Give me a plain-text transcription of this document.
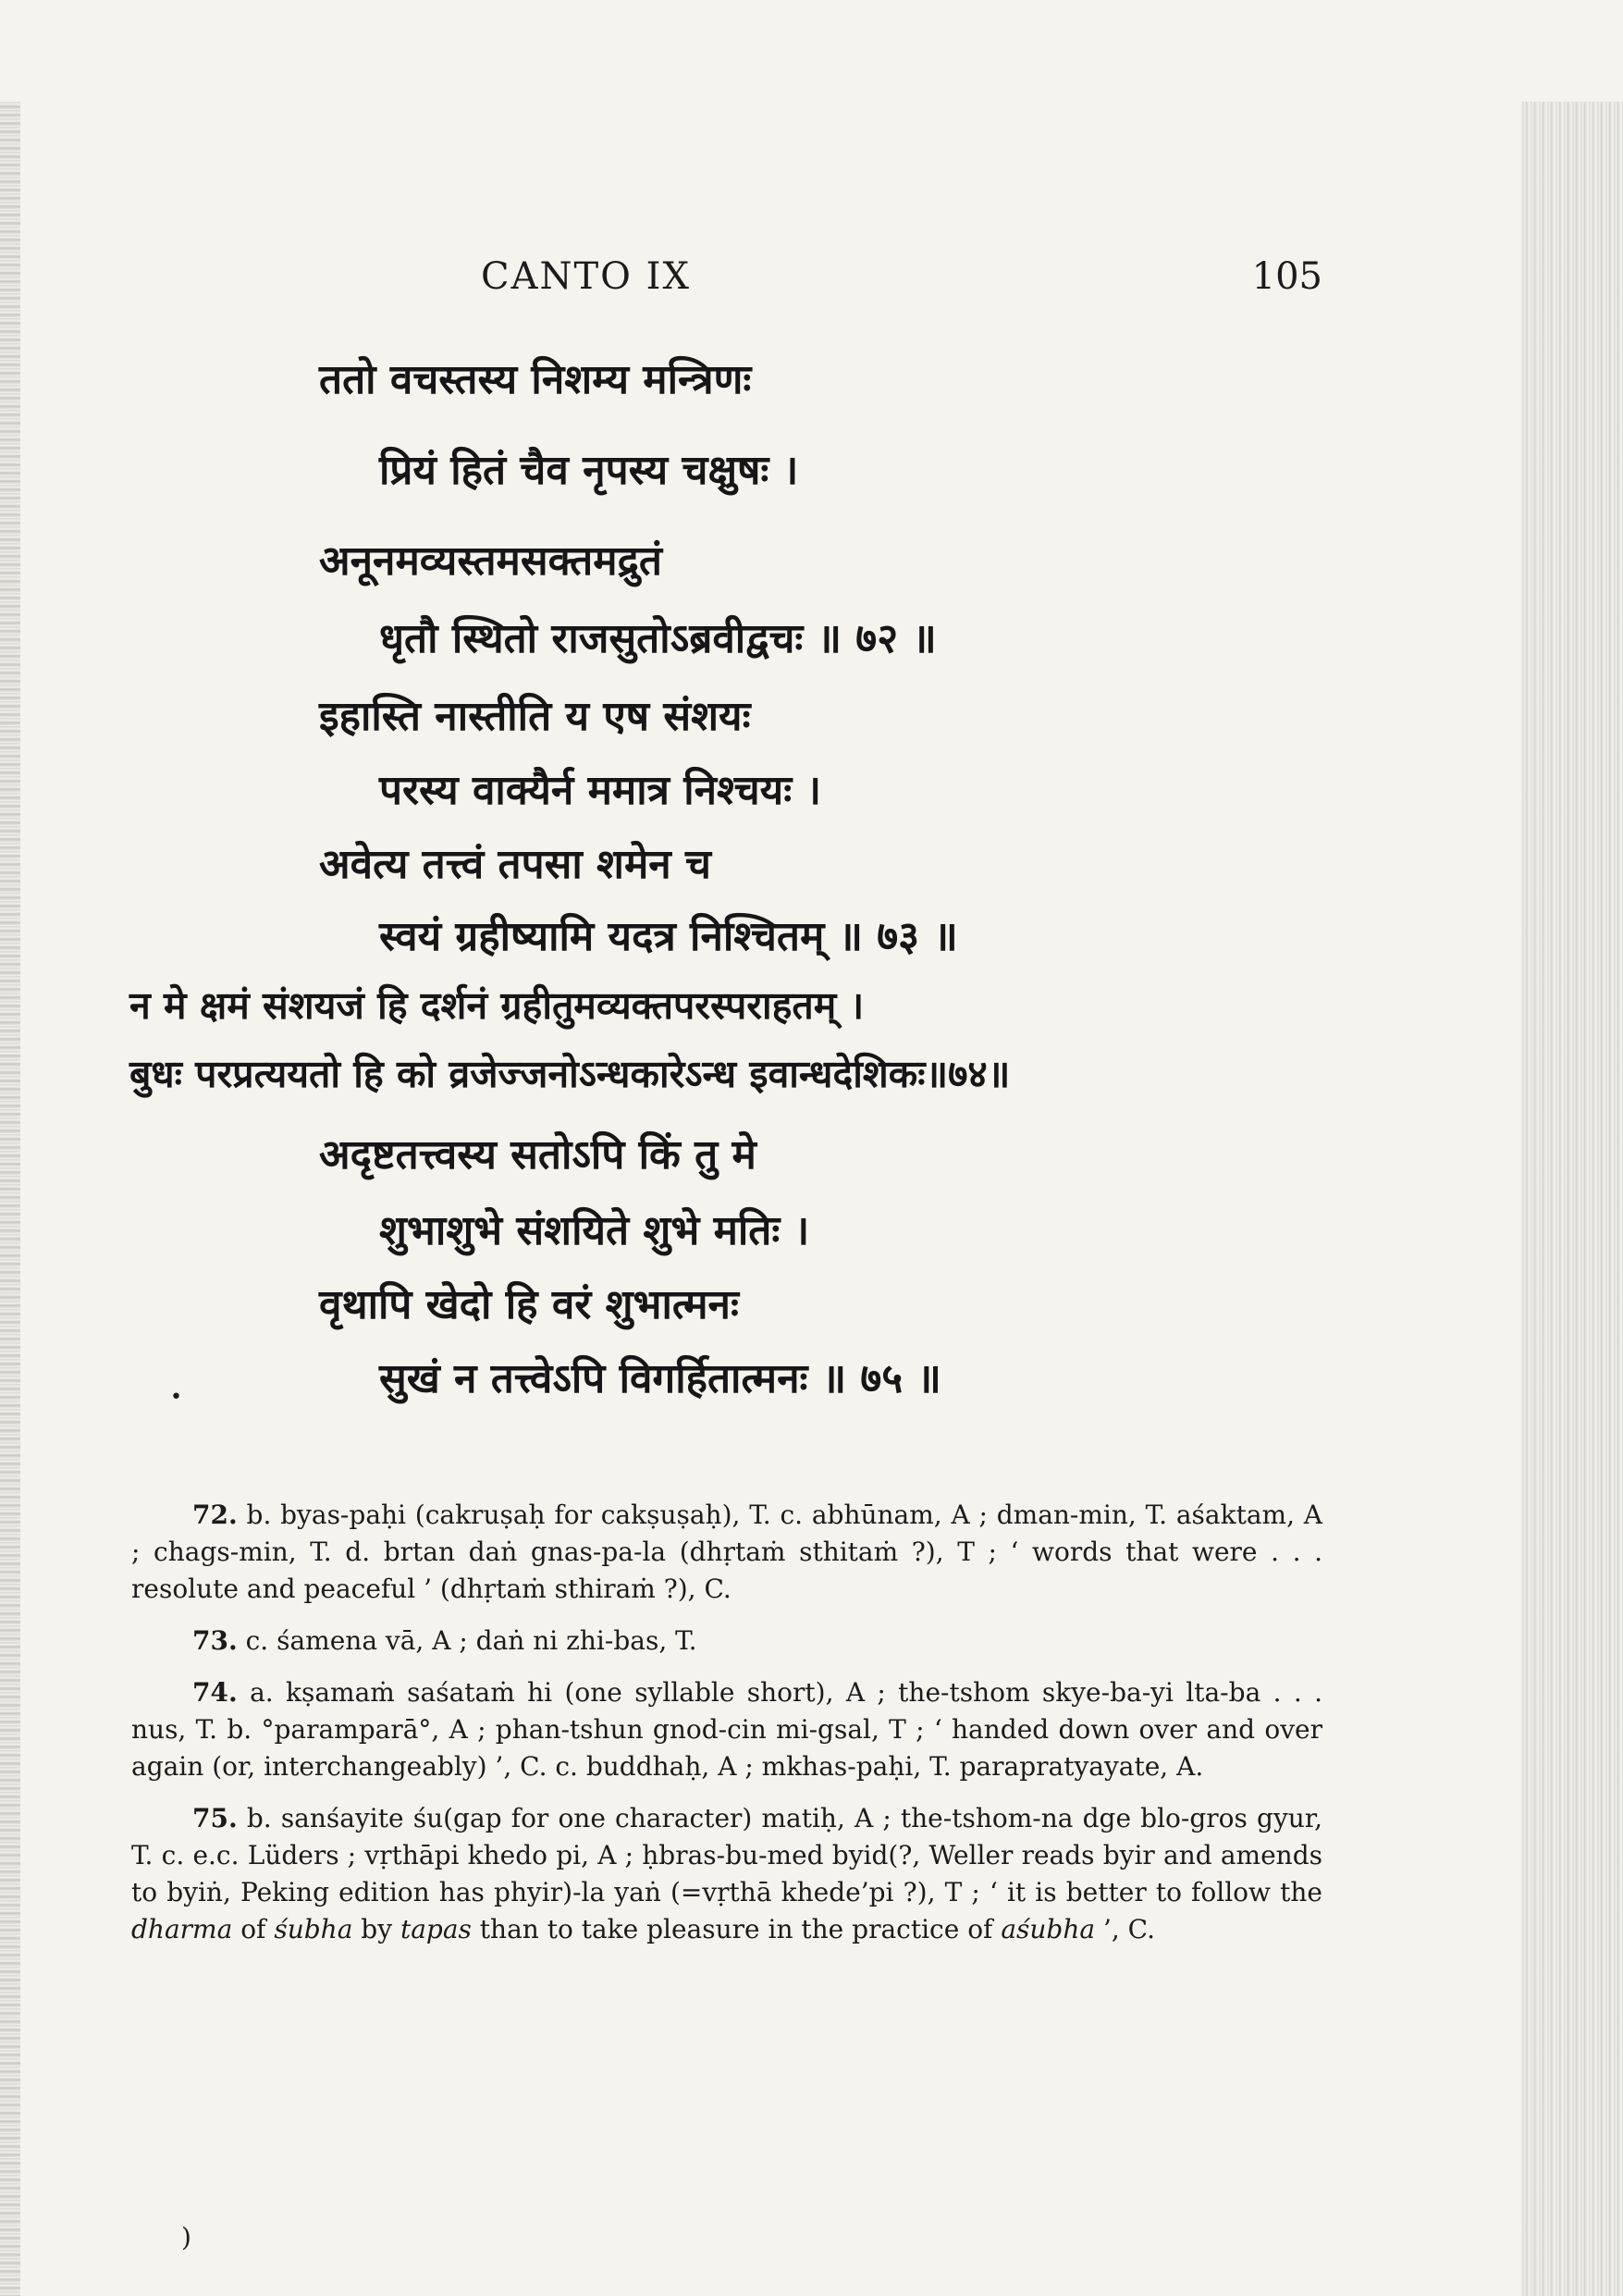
CANTO IX	105
ततो वचस्तस्य निशम्य मन्त्रिणः
प्रियं हितं चैव नृपस्य चक्षुषः ।
अनूनमव्यस्तमसक्तमद्रुतं
धृतौ स्थितो राजसुतोऽब्रवीद्वचः ॥ ७२ ॥
इहास्ति नास्तीति य एष संशयः
परस्य वाक्यैर्न ममात्र निश्चयः ।
अवेत्य तत्त्वं तपसा शमेन च
स्वयं ग्रहीष्यामि यदत्र निश्चितम् ॥ ७३ ॥
न मे क्षमं संशयजं हि दर्शनं ग्रहीतुमव्यक्तपरस्पराहतम् ।
बुधः परप्रत्ययतो हि को व्रजेज्जनोऽन्धकारेऽन्ध इवान्धदेशिकः॥७४॥
अदृष्टतत्त्वस्य सतोऽपि किं तु मे
शुभाशुभे संशयिते शुभे मतिः ।
वृथापि खेदो हि वरं शुभात्मनः
सुखं न तत्त्वेऽपि विगर्हितात्मनः ॥ ७५ ॥
•

72. b. byas-paḥi (cakruṣaḥ for cakṣuṣaḥ), T. c. abhūnam, A ; dman-min, T. aśaktam, A ; chags-min, T. d. brtan daṅ gnas-pa-la (dhṛtaṁ sthitaṁ ?), T ; ‘ words that were . . . resolute and peaceful ’ (dhṛtaṁ sthiraṁ ?), C.

73. c. śamena vā, A ; daṅ ni zhi-bas, T.

74. a. kṣamaṁ saśataṁ hi (one syllable short), A ; the-tshom skye-ba-yi lta-ba . . . nus, T. b. °paramparā°, A ; phan-tshun gnod-cin mi-gsal, T ; ‘ handed down over and over again (or, interchangeably) ’, C. c. buddhaḥ, A ; mkhas-paḥi, T. parapratyayate, A.

75. b. sanśayite śu(gap for one character) matiḥ, A ; the-tshom-na dge blo-gros gyur, T. c. e.c. Lüders ; vṛthāpi khedo pi, A ; ḥbras-bu-med byid(?, Weller reads byir and amends to byiṅ, Peking edition has phyir)-la yaṅ (=vṛthā khede’pi ?), T ; ‘ it is better to follow the dharma of śubha by tapas than to take pleasure in the practice of aśubha ’, C.

)
